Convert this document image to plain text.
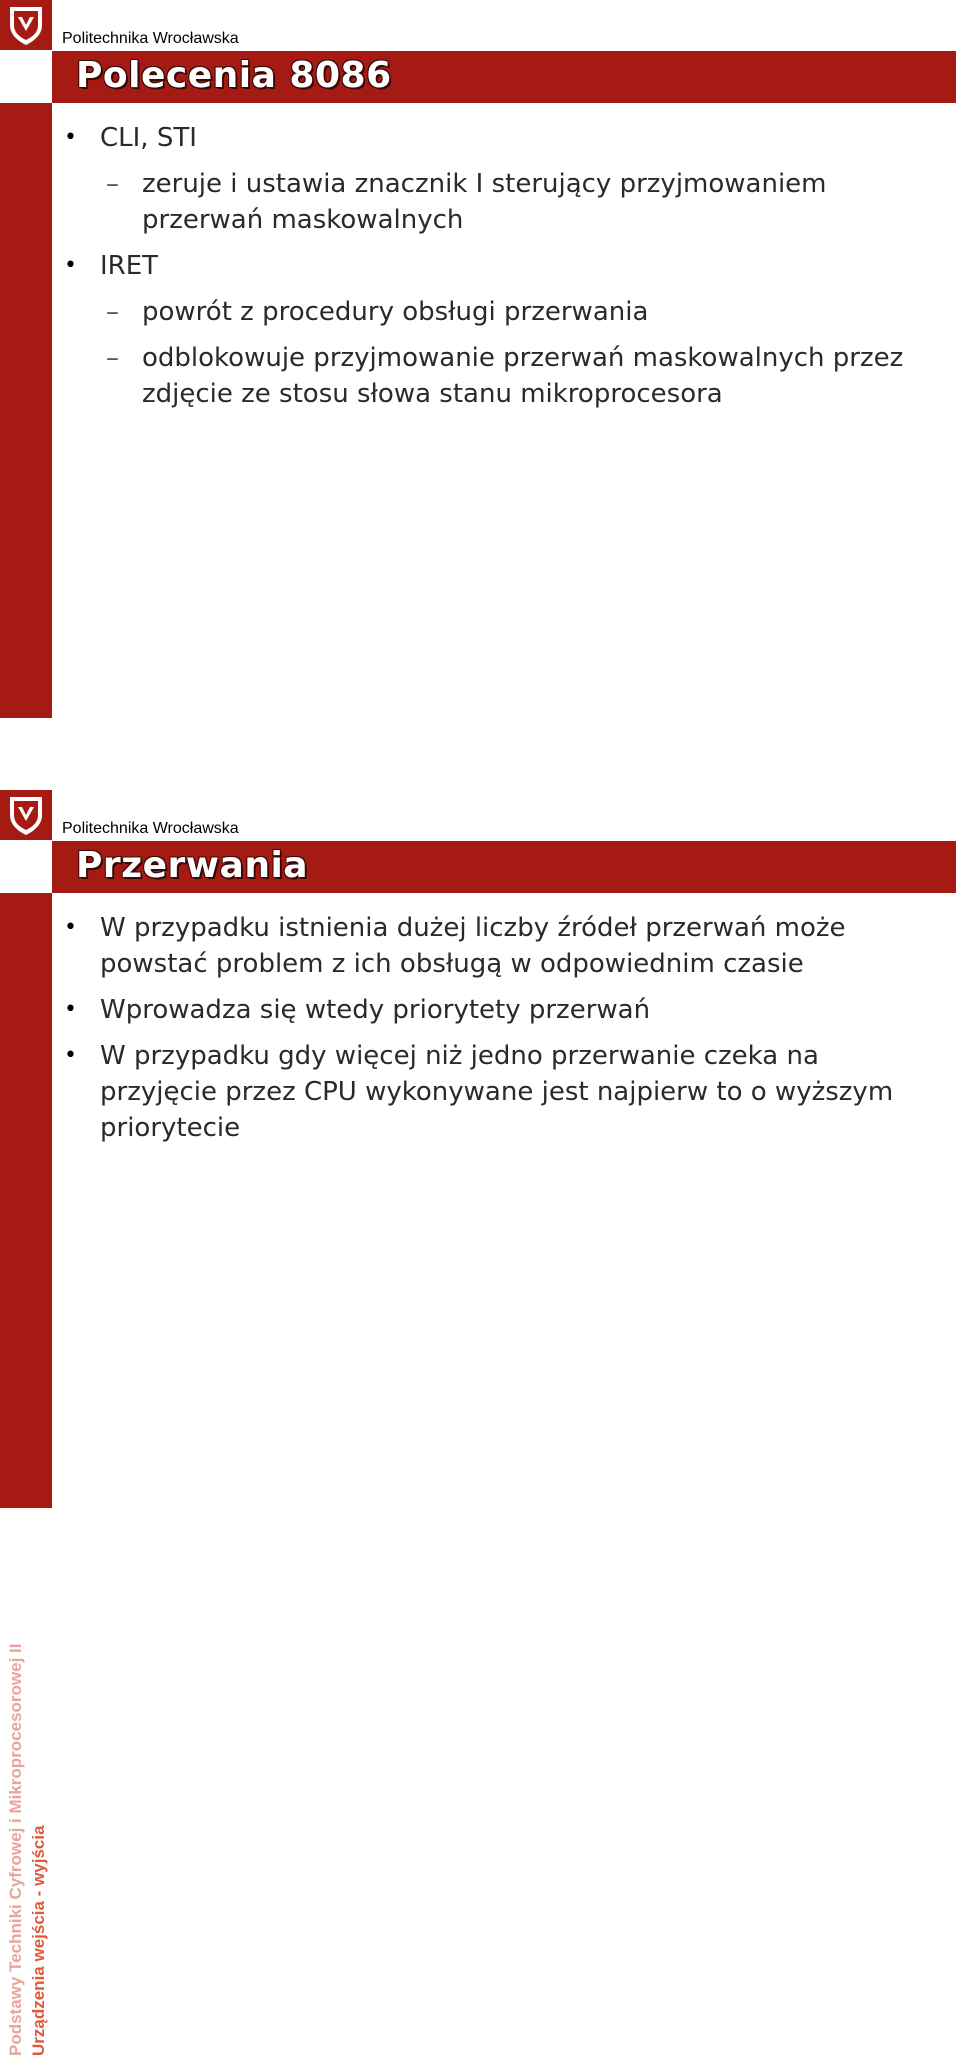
Politechnika Wrocławska
Polecenia 8086
• CLI, STI
– zeruje i ustawia znacznik I sterujący przyjmowaniem przerwań maskowalnych
• IRET
– powrót z procedury obsługi przerwania
– odblokowuje przyjmowanie przerwań maskowalnych przez zdjęcie ze stosu słowa stanu mikroprocesora
Politechnika Wrocławska
Przerwania
Podstawy Techniki Cyfrowej i Mikroprocesorowej II Urządzenia wejścia - wyjścia
• W przypadku istnienia dużej liczby źródeł przerwań może powstać problem z ich obsługą w odpowiednim czasie
• Wprowadza się wtedy priorytety przerwań
• W przypadku gdy więcej niż jedno przerwanie czeka na przyjęcie przez CPU wykonywane jest najpierw to o wyższym priorytecie
